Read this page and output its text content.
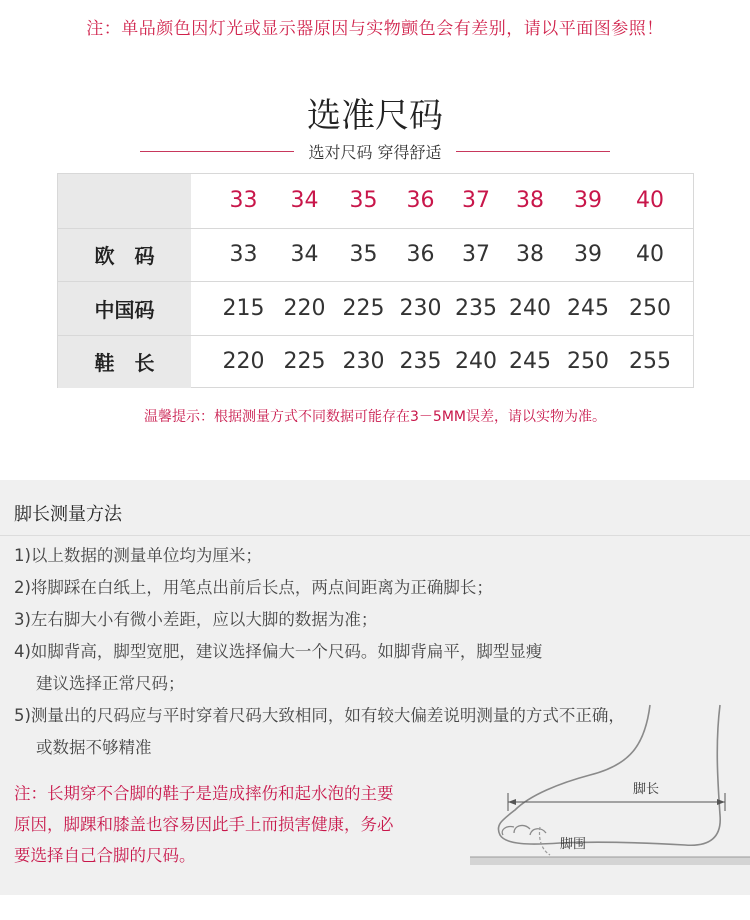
注：单品颜色因灯光或显示器原因与实物颤色会有差别，请以平面图参照！
选准尺码
选对尺码 穿得舒适
33	34	35	36	37	38	39	40
欧　码	33	34	35	36	37	38	39	40
中国码	215 220 225 230 235 240 245 250
鞋　长	220 225 230 235 240 245 250 255
温馨提示：根据测量方式不同数据可能存在3－5MM误差，请以实物为准。
脚长测量方法
1)以上数据的测量单位均为厘米；
2)将脚踩在白纸上，用笔点出前后长点，两点间距离为正确脚长；
3)左右脚大小有微小差距，应以大脚的数据为准；
4)如脚背高，脚型宽肥，建议选择偏大一个尺码。如脚背扁平，脚型显瘦
建议选择正常尺码；
5)测量出的尺码应与平时穿着尺码大致相同，如有较大偏差说明测量的方式不正确，
或数据不够精准
注：长期穿不合脚的鞋子是造成摔伤和起水泡的主要
原因，脚踝和膝盖也容易因此手上而损害健康，务必
要选择自己合脚的尺码。
脚长
脚围
